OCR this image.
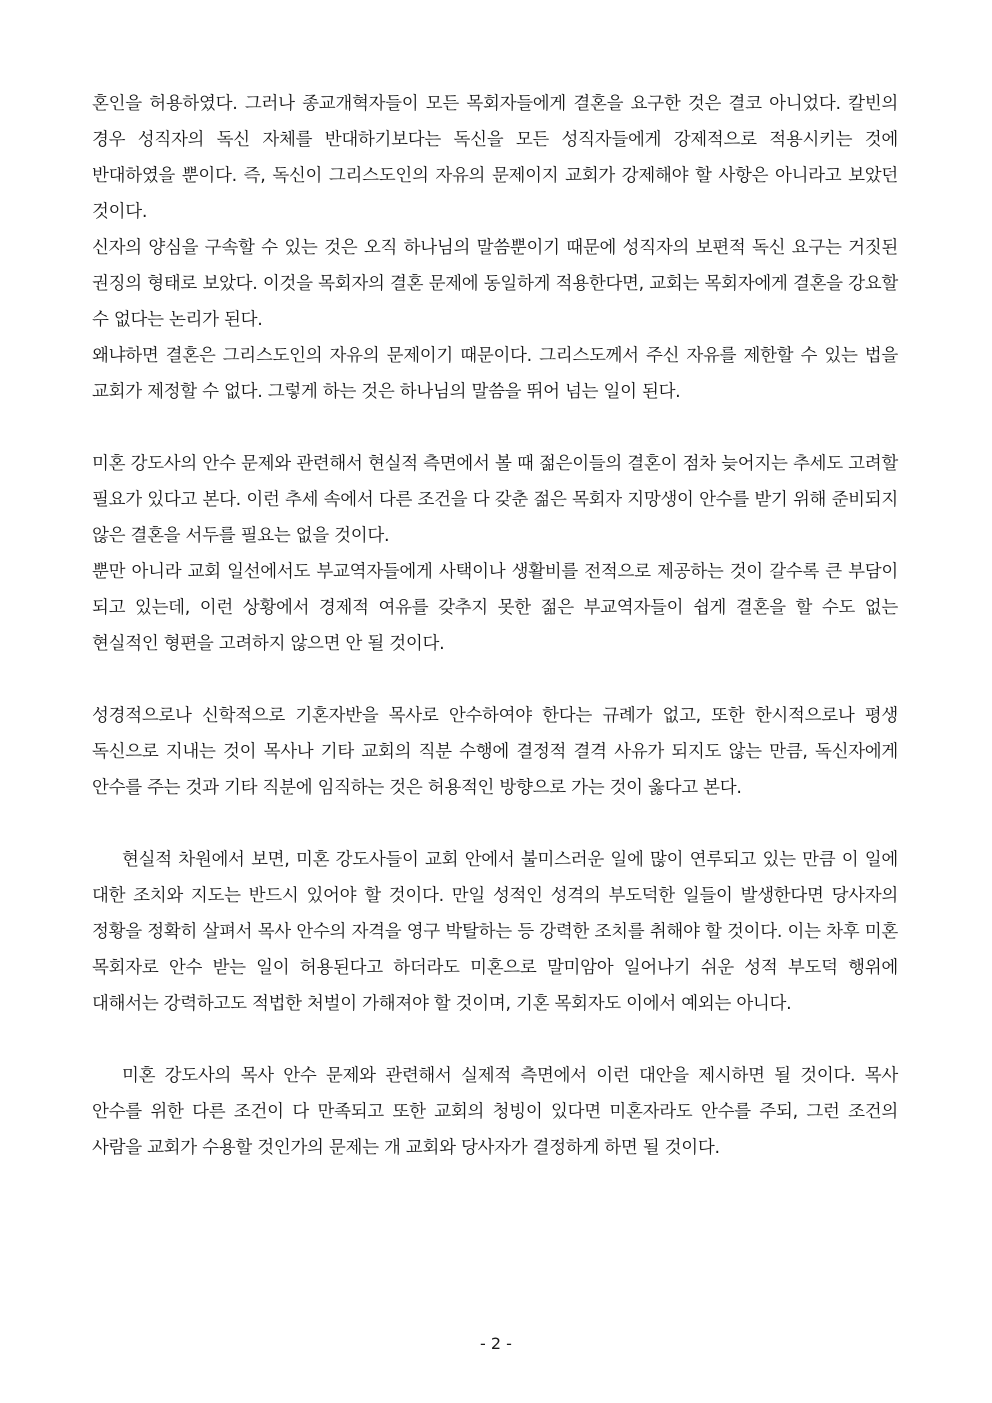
혼인을 허용하였다. 그러나 종교개혁자들이 모든 목회자들에게 결혼을 요구한 것은 결코 아니었다. 칼빈의 경우 성직자의 독신 자체를 반대하기보다는 독신을 모든 성직자들에게 강제적으로 적용시키는 것에 반대하였을 뿐이다. 즉, 독신이 그리스도인의 자유의 문제이지 교회가 강제해야 할 사항은 아니라고 보았던 것이다.

신자의 양심을 구속할 수 있는 것은 오직 하나님의 말씀뿐이기 때문에 성직자의 보편적 독신 요구는 거짓된 권징의 형태로 보았다. 이것을 목회자의 결혼 문제에 동일하게 적용한다면, 교회는 목회자에게 결혼을 강요할 수 없다는 논리가 된다.

왜냐하면 결혼은 그리스도인의 자유의 문제이기 때문이다. 그리스도께서 주신 자유를 제한할 수 있는 법을 교회가 제정할 수 없다. 그렇게 하는 것은 하나님의 말씀을 뛰어 넘는 일이 된다.

미혼 강도사의 안수 문제와 관련해서 현실적 측면에서 볼 때 젊은이들의 결혼이 점차 늦어지는 추세도 고려할 필요가 있다고 본다. 이런 추세 속에서 다른 조건을 다 갖춘 젊은 목회자 지망생이 안수를 받기 위해 준비되지 않은 결혼을 서두를 필요는 없을 것이다.

뿐만 아니라 교회 일선에서도 부교역자들에게 사택이나 생활비를 전적으로 제공하는 것이 갈수록 큰 부담이 되고 있는데, 이런 상황에서 경제적 여유를 갖추지 못한 젊은 부교역자들이 쉽게 결혼을 할 수도 없는 현실적인 형편을 고려하지 않으면 안 될 것이다.

성경적으로나 신학적으로 기혼자반을 목사로 안수하여야 한다는 규례가 없고, 또한 한시적으로나 평생 독신으로 지내는 것이 목사나 기타 교회의 직분 수행에 결정적 결격 사유가 되지도 않는 만큼, 독신자에게 안수를 주는 것과 기타 직분에 임직하는 것은 허용적인 방향으로 가는 것이 옳다고 본다.

현실적 차원에서 보면, 미혼 강도사들이 교회 안에서 불미스러운 일에 많이 연루되고 있는 만큼 이 일에 대한 조치와 지도는 반드시 있어야 할 것이다. 만일 성적인 성격의 부도덕한 일들이 발생한다면 당사자의 정황을 정확히 살펴서 목사 안수의 자격을 영구 박탈하는 등 강력한 조치를 취해야 할 것이다. 이는 차후 미혼 목회자로 안수 받는 일이 허용된다고 하더라도 미혼으로 말미암아 일어나기 쉬운 성적 부도덕 행위에 대해서는 강력하고도 적법한 처벌이 가해져야 할 것이며, 기혼 목회자도 이에서 예외는 아니다.

미혼 강도사의 목사 안수 문제와 관련해서 실제적 측면에서 이런 대안을 제시하면 될 것이다. 목사 안수를 위한 다른 조건이 다 만족되고 또한 교회의 청빙이 있다면 미혼자라도 안수를 주되, 그런 조건의 사람을 교회가 수용할 것인가의 문제는 개 교회와 당사자가 결정하게 하면 될 것이다.

- 2 -
